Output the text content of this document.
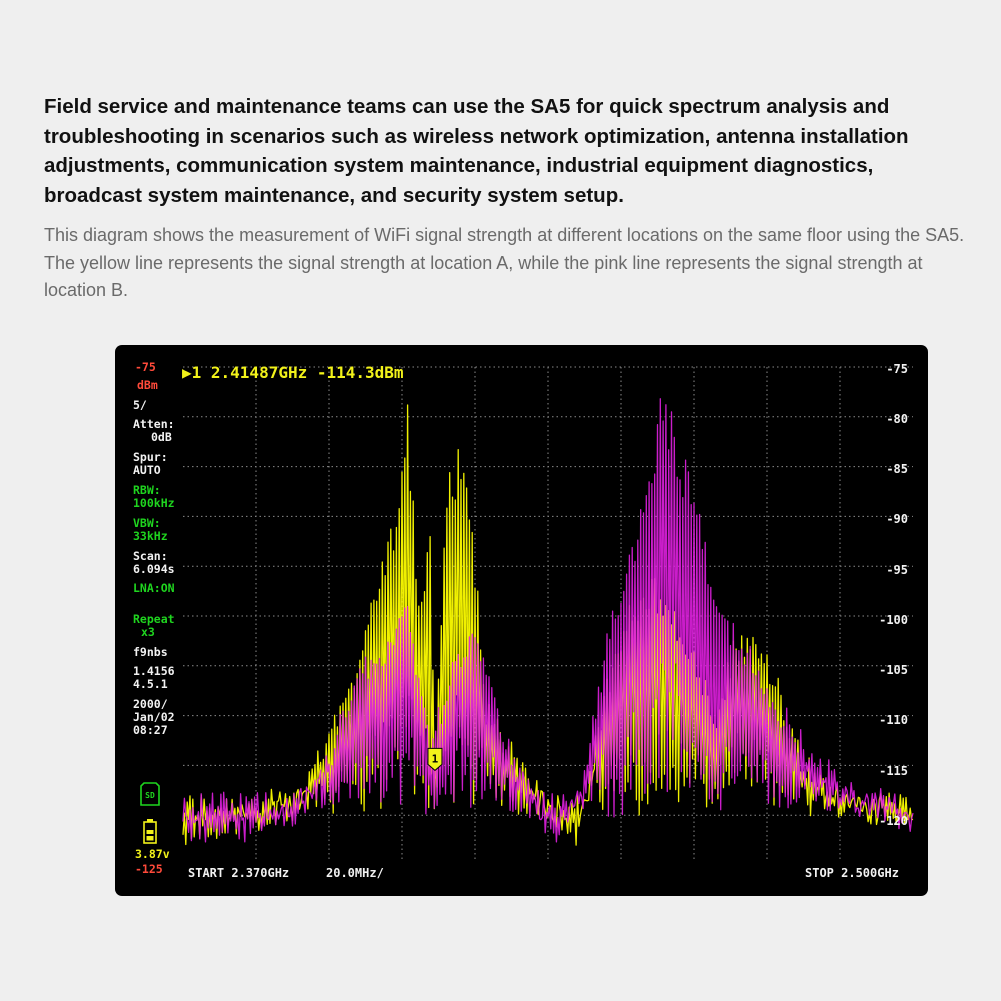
Field service and maintenance teams can use the SA5 for quick spectrum analysis and troubleshooting in scenarios such as wireless network optimization, antenna installation adjustments, communication system maintenance, industrial equipment diagnostics, broadcast system maintenance, and security system setup.

This diagram shows the measurement of WiFi signal strength at different locations on the same floor using the SA5. The yellow line represents the signal strength at location A, while the pink line represents the signal strength at location B.

1
▶1 2.41487GHz -114.3dBm
-75
dBm
5/
Atten:
0dB
Spur:
AUTO
RBW:
100kHz
VBW:
33kHz
Scan:
6.094s
LNA:ON
Repeat
x3
f9nbs
1.4156
4.5.1
2000/
Jan/02
08:27
SD
3.87v
-125
-75
-80
-85
-90
-95
-100
-105
-110
-115
-120
START 2.370GHz	20.0MHz/	STOP 2.500GHz
